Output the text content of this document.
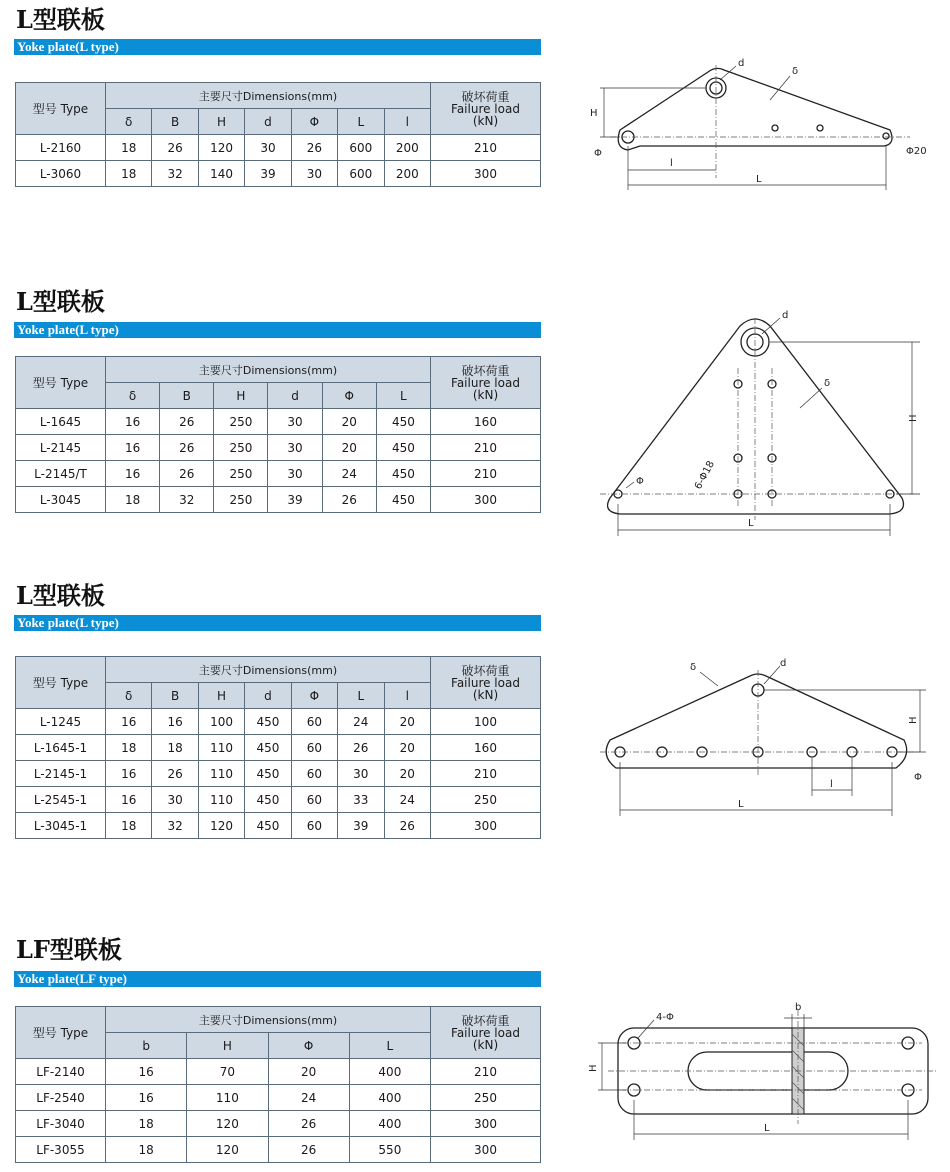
L型联板
Yoke plate(L type)
型号 Type	主要尺寸Dimensions(mm)							破坏荷重
Failure load
(kN)
	δ	B	H	d	Φ	L	l	
L-2160	18	26	120	30	26	600	200	210
L-3060	18	32	140	39	30	600	200	300
H
d
δ
Φ	Φ20
l
L
L型联板
Yoke plate(L type)
型号 Type	主要尺寸Dimensions(mm)						破坏荷重
Failure load
(kN)
	δ	B	H	d	Φ	L	
L-1645	16	26	250	30	20	450	160
L-2145	16	26	250	30	20	450	210
L-2145/T	16	26	250	30	24	450	210
L-3045	18	32	250	39	26	450	300
d
δ
H
Φ	6-Φ18
L
L型联板
Yoke plate(L type)
型号 Type	主要尺寸Dimensions(mm)							破坏荷重
Failure load
(kN)
	δ	B	H	d	Φ	L	l	
L-1245	16	16	100	450	60	24	20	100
L-1645-1	18	18	110	450	60	26	20	160
L-2145-1	16	26	110	450	60	30	20	210
L-2545-1	16	30	110	450	60	33	24	250
L-3045-1	18	32	120	450	60	39	26	300
d
δ
H
Φ
l
L
LF型联板
Yoke plate(LF type)
型号 Type	主要尺寸Dimensions(mm)				破坏荷重
Failure load
(kN)
	b	H	Φ	L	
LF-2140	16	70	20	400	210
LF-2540	16	110	24	400	250
LF-3040	18	120	26	400	300
LF-3055	18	120	26	550	300
4-Φ
b
H
L
